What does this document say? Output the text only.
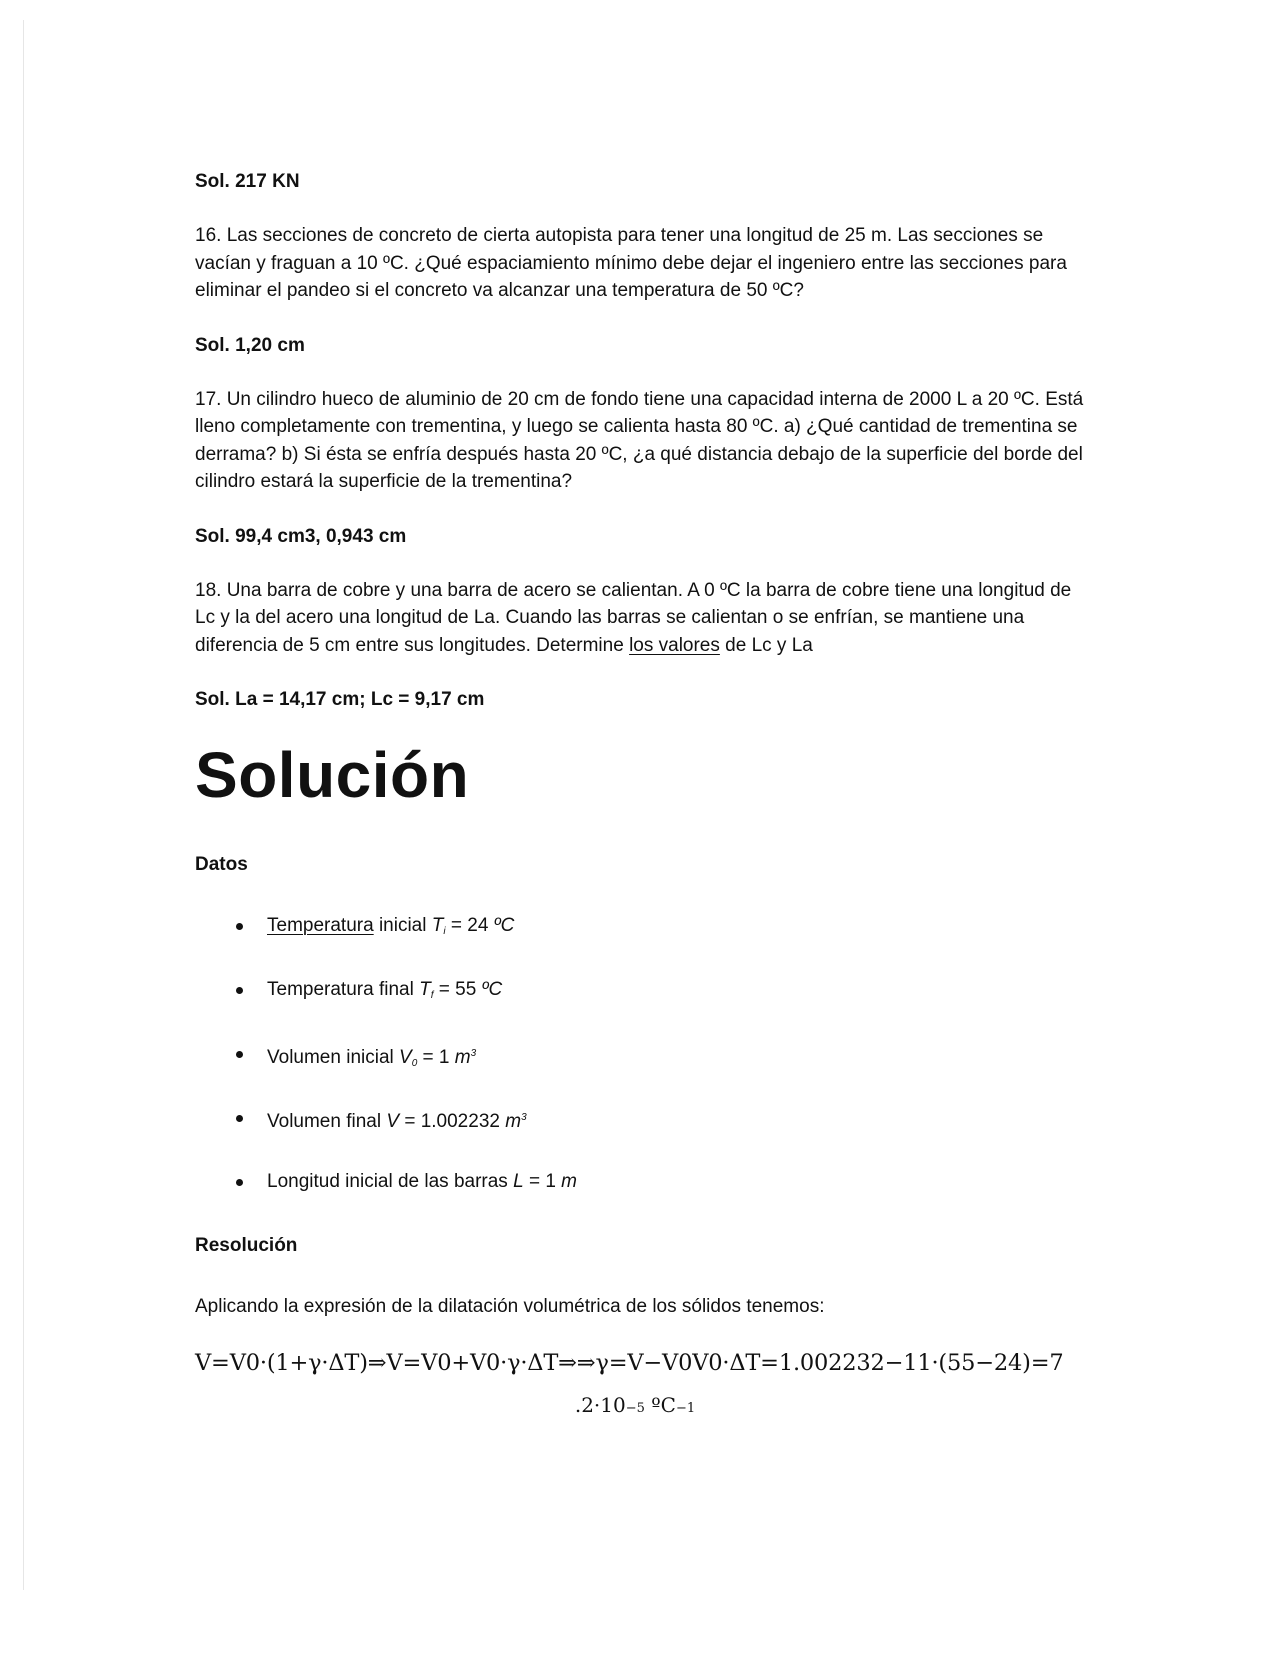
Sol. 217 KN

16. Las secciones de concreto de cierta autopista para tener una longitud de 25 m. Las secciones se vacían y fraguan a 10 ºC. ¿Qué espaciamiento mínimo debe dejar el ingeniero entre las secciones para eliminar el pandeo si el concreto va alcanzar una temperatura de 50 ºC?

Sol. 1,20 cm

17. Un cilindro hueco de aluminio de 20 cm de fondo tiene una capacidad interna de 2000 L a 20 ºC. Está lleno completamente con trementina, y luego se calienta hasta 80 ºC. a) ¿Qué cantidad de trementina se derrama? b) Si ésta se enfría después hasta 20 ºC, ¿a qué distancia debajo de la superficie del borde del cilindro estará la superficie de la trementina?

Sol. 99,4 cm3, 0,943 cm

18. Una barra de cobre y una barra de acero se calientan. A 0 ºC la barra de cobre tiene una longitud de Lc y la del acero una longitud de La. Cuando las barras se calientan o se enfrían, se mantiene una diferencia de 5 cm entre sus longitudes. Determine los valores de Lc y La

Sol. La = 14,17 cm; Lc = 9,17 cm

Solución

Datos

Temperatura inicial $T_i = 24$ ºC
Temperatura final $T_f = 55$ ºC
Volumen inicial $V_0 = 1$ $m^3$
Volumen final V = 1.002232 $m^3$
Longitud inicial de las barras L = 1 m

Resolución

Aplicando la expresión de la dilatación volumétrica de los sólidos tenemos:

V=V0·(1+γ·ΔT)⇒V=V0+V0·γ·ΔT⇒⇒γ=V−V0V0·ΔT=1.002232−11·(55−24)=7
.2·10−5 ºC−1
